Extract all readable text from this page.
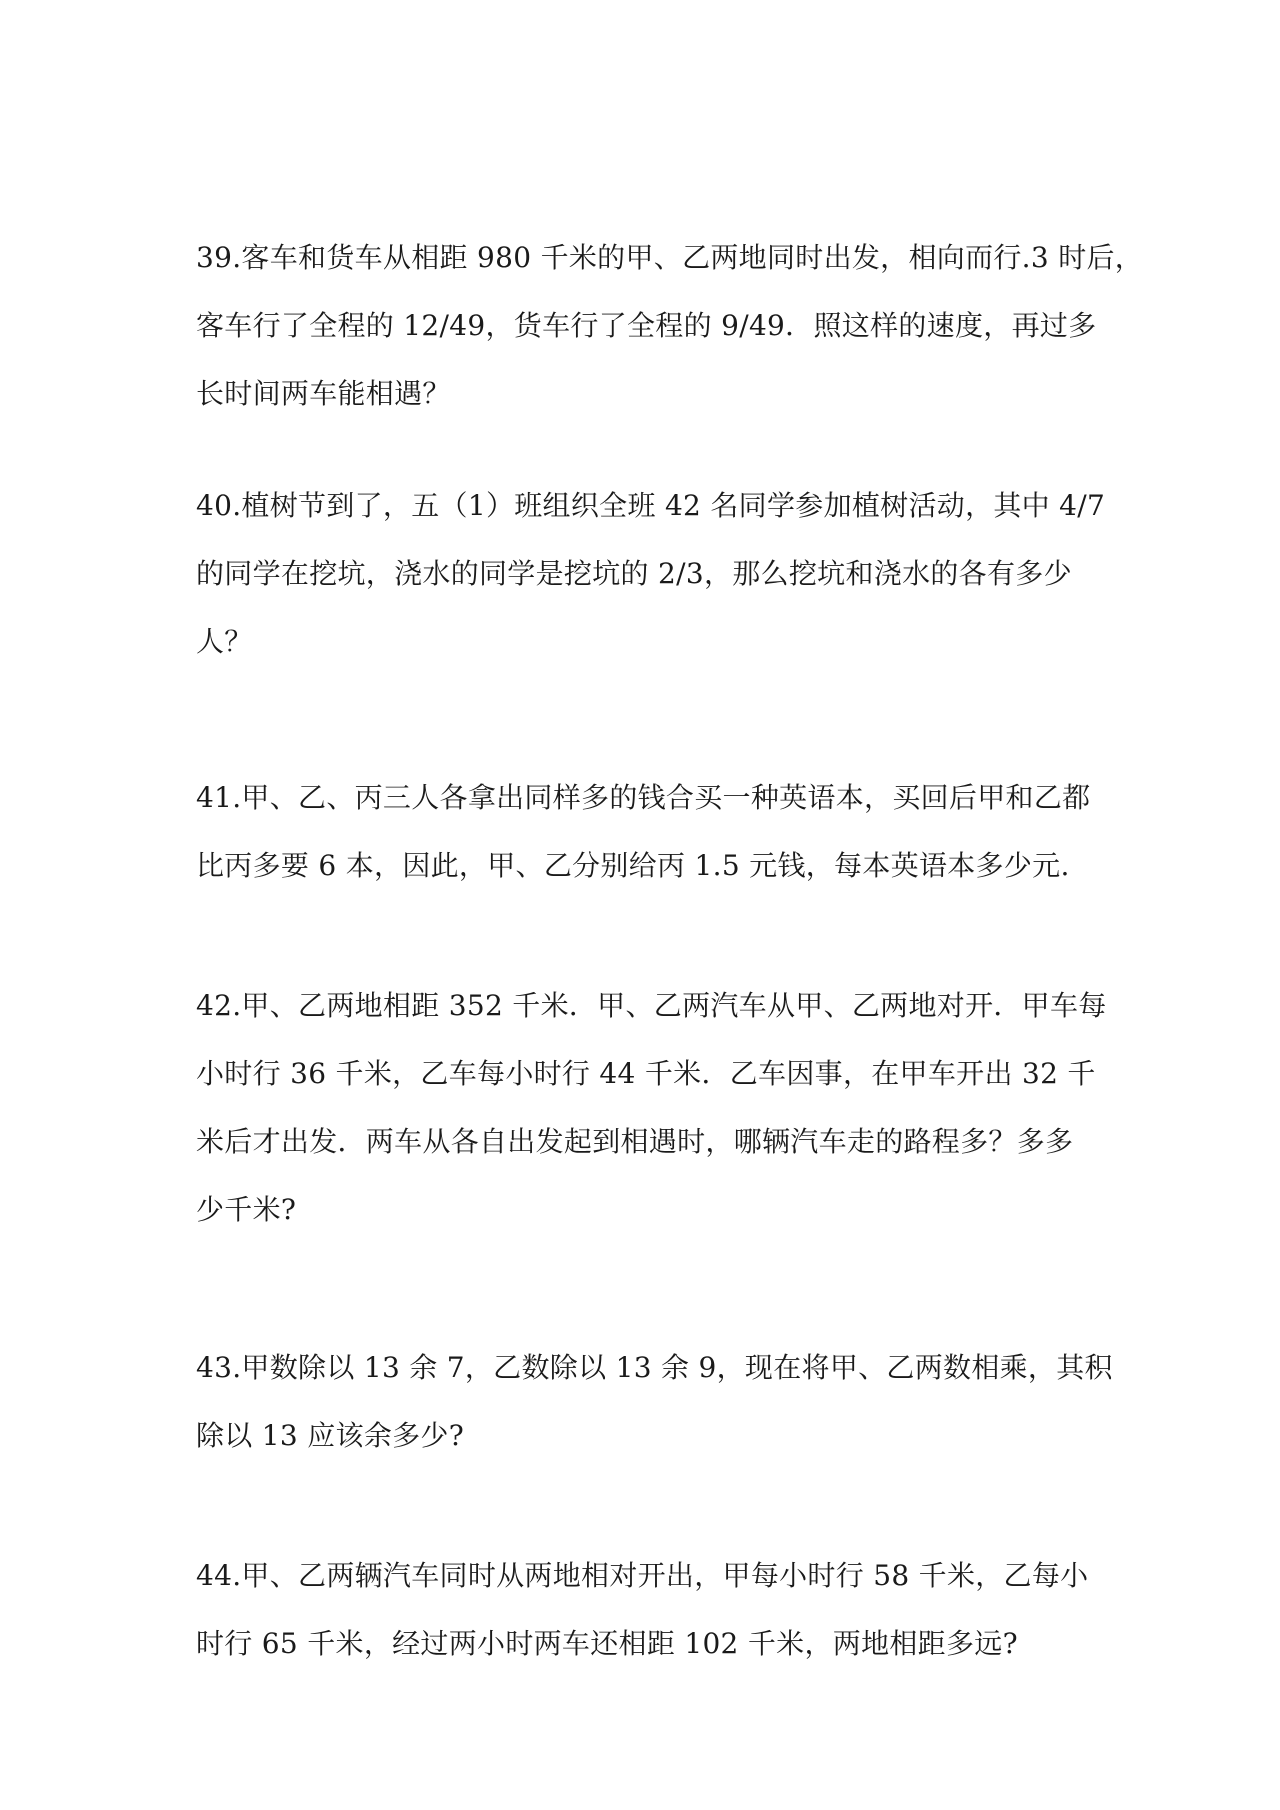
39.客车和货车从相距 980 千米的甲、乙两地同时出发，相向而行.3 时后，
客车行了全程的 12/49，货车行了全程的 9/49．照这样的速度，再过多
长时间两车能相遇？
40.植树节到了，五（1）班组织全班 42 名同学参加植树活动，其中 4/7
的同学在挖坑，浇水的同学是挖坑的 2/3，那么挖坑和浇水的各有多少
人？
41.甲、乙、丙三人各拿出同样多的钱合买一种英语本，买回后甲和乙都
比丙多要 6 本，因此，甲、乙分别给丙 1.5 元钱，每本英语本多少元.
42.甲、乙两地相距 352 千米．甲、乙两汽车从甲、乙两地对开．甲车每
小时行 36 千米，乙车每小时行 44 千米．乙车因事，在甲车开出 32 千
米后才出发．两车从各自出发起到相遇时，哪辆汽车走的路程多？多多
少千米?
43.甲数除以 13 余 7，乙数除以 13 余 9，现在将甲、乙两数相乘，其积
除以 13 应该余多少?
44.甲、乙两辆汽车同时从两地相对开出，甲每小时行 58 千米，乙每小
时行 65 千米，经过两小时两车还相距 102 千米，两地相距多远?
